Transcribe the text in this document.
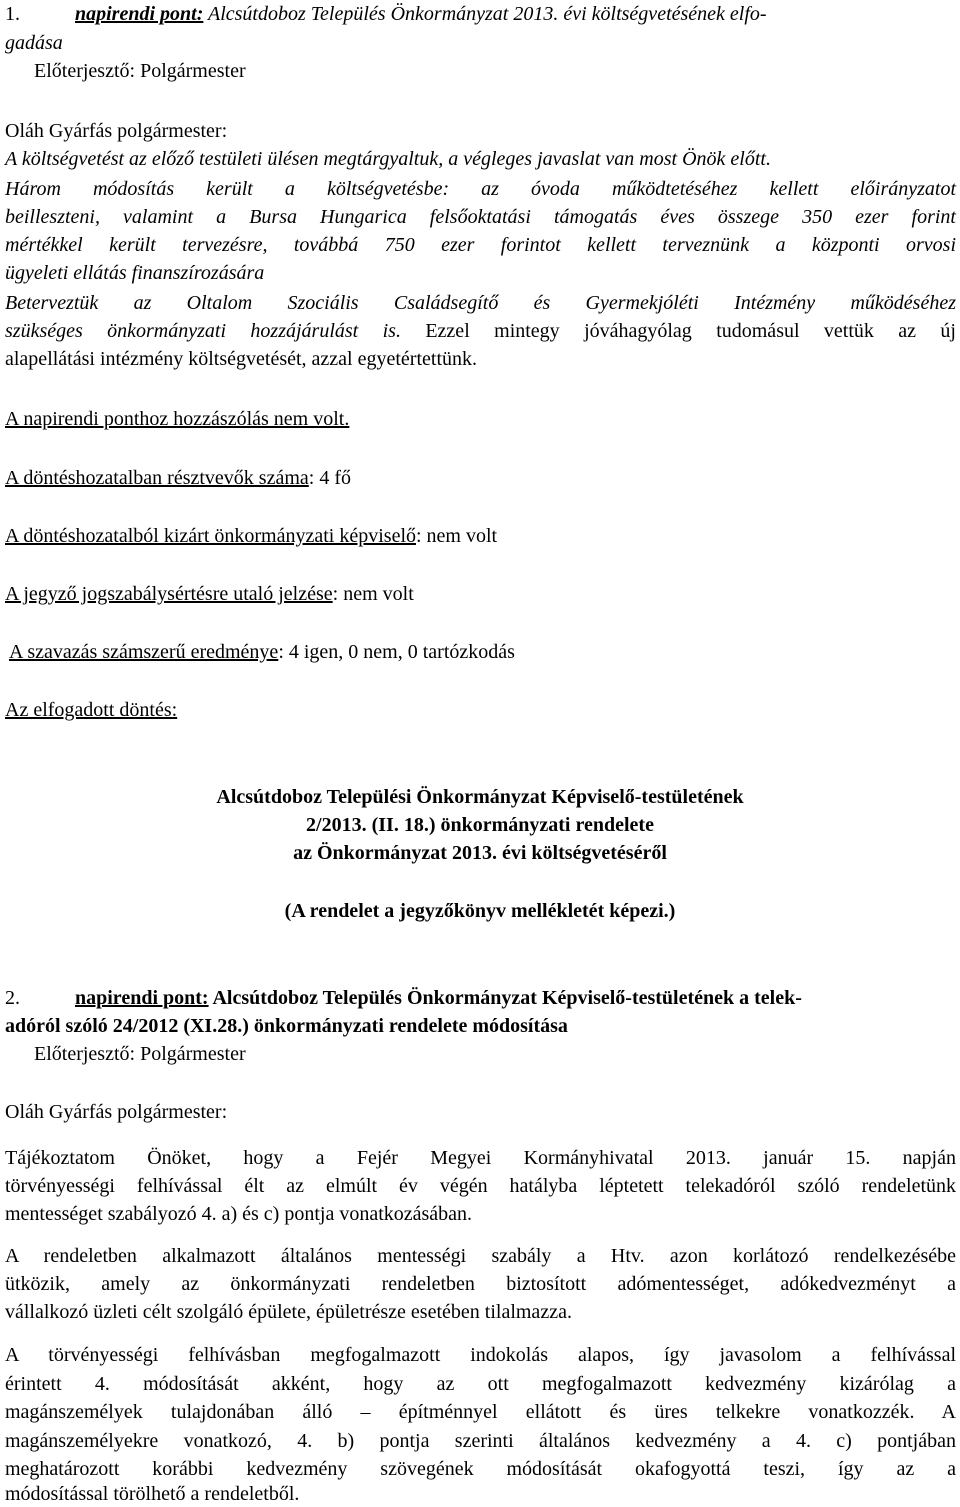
1.	napirendi pont: Alcsútdoboz Település Önkormányzat 2013. évi költségvetésének elfo-
gadása
Előterjesztő: Polgármester
Oláh Gyárfás polgármester:
A költségvetést az előző testületi ülésen megtárgyaltuk, a végleges javaslat van most Önök előtt.
Három módosítás került a költségvetésbe: az óvoda működtetéséhez kellett előirányzatot
beilleszteni, valamint a Bursa Hungarica felsőoktatási támogatás éves összege 350 ezer forint
mértékkel került tervezésre, továbbá 750 ezer forintot kellett terveznünk a központi orvosi
ügyeleti ellátás finanszírozására
Beterveztük az Oltalom Szociális Családsegítő és Gyermekjóléti Intézmény működéséhez
szükséges önkormányzati hozzájárulást is. Ezzel mintegy jóváhagyólag tudomásul vettük az új
alapellátási intézmény költségvetését, azzal egyetértettünk.
A napirendi ponthoz hozzászólás nem volt.
A döntéshozatalban résztvevők száma: 4 fő
A döntéshozatalból kizárt önkormányzati képviselő: nem volt
A jegyző jogszabálysértésre utaló jelzése: nem volt
A szavazás számszerű eredménye: 4 igen, 0 nem, 0 tartózkodás
Az elfogadott döntés:
Alcsútdoboz Települési Önkormányzat Képviselő-testületének
2/2013. (II. 18.) önkormányzati rendelete
az Önkormányzat 2013. évi költségvetéséről
(A rendelet a jegyzőkönyv mellékletét képezi.)
2.	napirendi pont: Alcsútdoboz Település Önkormányzat Képviselő-testületének a telek-
adóról szóló 24/2012 (XI.28.) önkormányzati rendelete módosítása
Előterjesztő: Polgármester
Oláh Gyárfás polgármester:
Tájékoztatom Önöket, hogy a Fejér Megyei Kormányhivatal 2013. január 15. napján
törvényességi felhívással élt az elmúlt év végén hatályba léptetett telekadóról szóló rendeletünk
mentességet szabályozó 4. a) és c) pontja vonatkozásában.
A rendeletben alkalmazott általános mentességi szabály a Htv. azon korlátozó rendelkezésébe
ütközik, amely az önkormányzati rendeletben biztosított adómentességet, adókedvezményt a
vállalkozó üzleti célt szolgáló épülete, épületrésze esetében tilalmazza.
A törvényességi felhívásban megfogalmazott indokolás alapos, így javasolom a felhívással
érintett 4. módosítását akként, hogy az ott megfogalmazott kedvezmény kizárólag a
magánszemélyek tulajdonában álló – építménnyel ellátott és üres telkekre vonatkozzék. A
magánszemélyekre vonatkozó, 4. b) pontja szerinti általános kedvezmény a 4. c) pontjában
meghatározott korábbi kedvezmény szövegének módosítását okafogyottá teszi, így az a
módosítással törölhető a rendeletből.
